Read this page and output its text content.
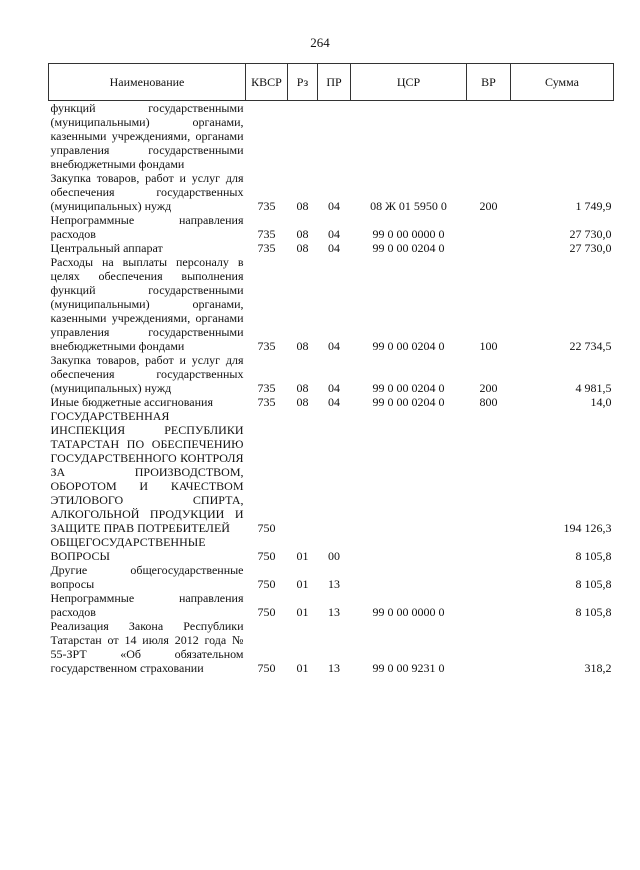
264
Наименование	КВСР	Рз	ПР	ЦСР	ВР	Сумма
функций государственными (муниципальными) органами, казенными учреждениями, органами управления государственными внебюджетными фондами						
Закупка товаров, работ и услуг для обеспечения государственных (муниципальных) нужд	735	08	04	08 Ж 01 5950 0	200	1 749,9
Непрограммные направления расходов	735	08	04	99 0 00 0000 0		27 730,0
Центральный аппарат	735	08	04	99 0 00 0204 0		27 730,0
Расходы на выплаты персоналу в целях обеспечения выполнения функций государственными (муниципальными) органами, казенными учреждениями, органами управления государственными внебюджетными фондами	735	08	04	99 0 00 0204 0	100	22 734,5
Закупка товаров, работ и услуг для обеспечения государственных (муниципальных) нужд	735	08	04	99 0 00 0204 0	200	4 981,5
Иные бюджетные ассигнования	735	08	04	99 0 00 0204 0	800	14,0
ГОСУДАРСТВЕННАЯ ИНСПЕКЦИЯ РЕСПУБЛИКИ ТАТАРСТАН ПО ОБЕСПЕЧЕНИЮ ГОСУДАРСТВЕННОГО КОНТРОЛЯ ЗА ПРОИЗВОДСТВОМ, ОБОРОТОМ И КАЧЕСТВОМ ЭТИЛОВОГО СПИРТА, АЛКОГОЛЬНОЙ ПРОДУКЦИИ И ЗАЩИТЕ ПРАВ ПОТРЕБИТЕЛЕЙ	750					194 126,3
ОБЩЕГОСУДАРСТВЕННЫЕ ВОПРОСЫ	750	01	00			8 105,8
Другие общегосударственные вопросы	750	01	13			8 105,8
Непрограммные направления расходов	750	01	13	99 0 00 0000 0		8 105,8
Реализация Закона Республики Татарстан от 14 июля 2012 года № 55-ЗРТ «Об обязательном государственном страховании	750	01	13	99 0 00 9231 0		318,2
